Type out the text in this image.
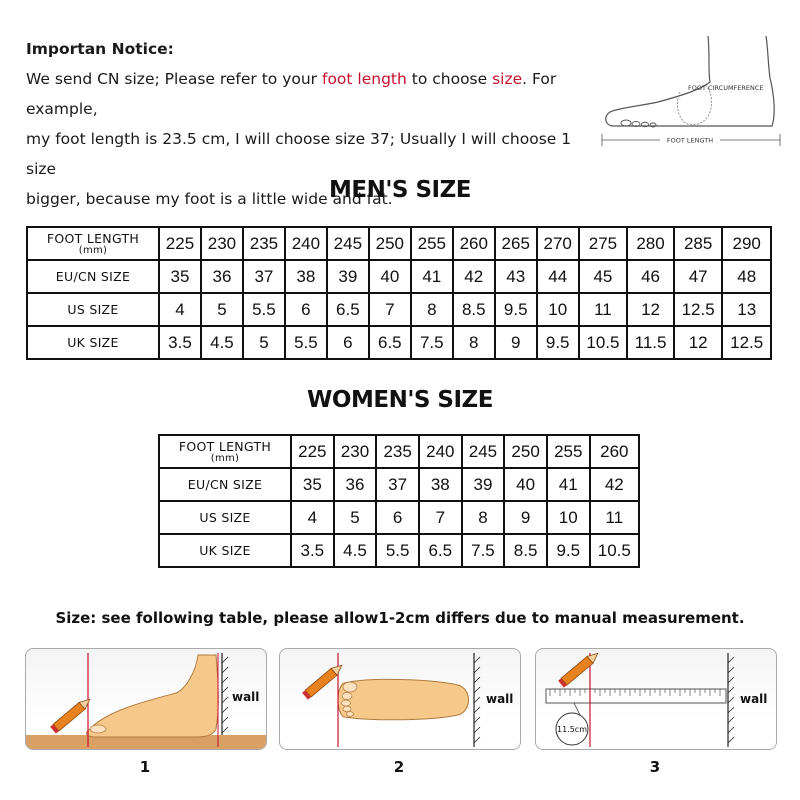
Importan Notice:
We send CN size; Please refer to your foot length to choose size. For example,
my foot length is 23.5 cm, I will choose size 37; Usually I will choose 1 size
bigger, because my foot is a little wide and fat.
FOOT LENGTH
FOOT CIRCUMFERENCE
MEN'S SIZE
FOOT LENGTH
(mm)	225	230	235	240	245	250	255	260	265	270	275	280	285	290

EU/CN SIZE	35	36	37	38	39	40	41	42	43	44	45	46	47	48

US SIZE	4	5	5.5	6	6.5	7	8	8.5	9.5	10	11	12	12.5	13

UK SIZE	3.5	4.5	5	5.5	6	6.5	7.5	8	9	9.5	10.5	11.5	12	12.5
WOMEN'S SIZE
FOOT LENGTH
(mm)	225	230	235	240	245	250	255	260

EU/CN SIZE	35	36	37	38	39	40	41	42

US SIZE	4	5	6	7	8	9	10	11

UK SIZE	3.5	4.5	5.5	6.5	7.5	8.5	9.5	10.5
Size: see following table, please allow1-2cm differs due to manual measurement.
wall
1
wall
2
11.5cm
wall
3
